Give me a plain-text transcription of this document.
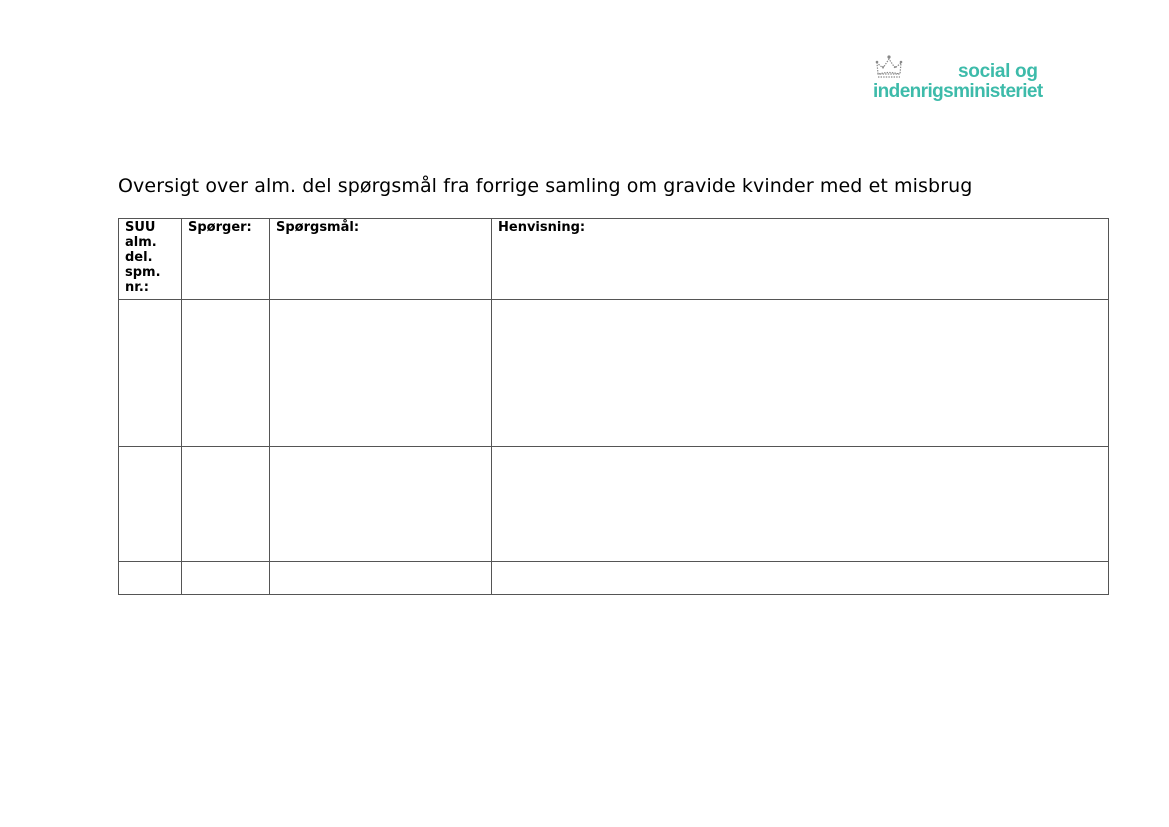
social og
indenrigsministeriet
Oversigt over alm. del spørgsmål fra forrige samling om gravide kvinder med et misbrug
SUU alm. del. spm. nr.:	Spørger:	Spørgsmål:	Henvisning:
